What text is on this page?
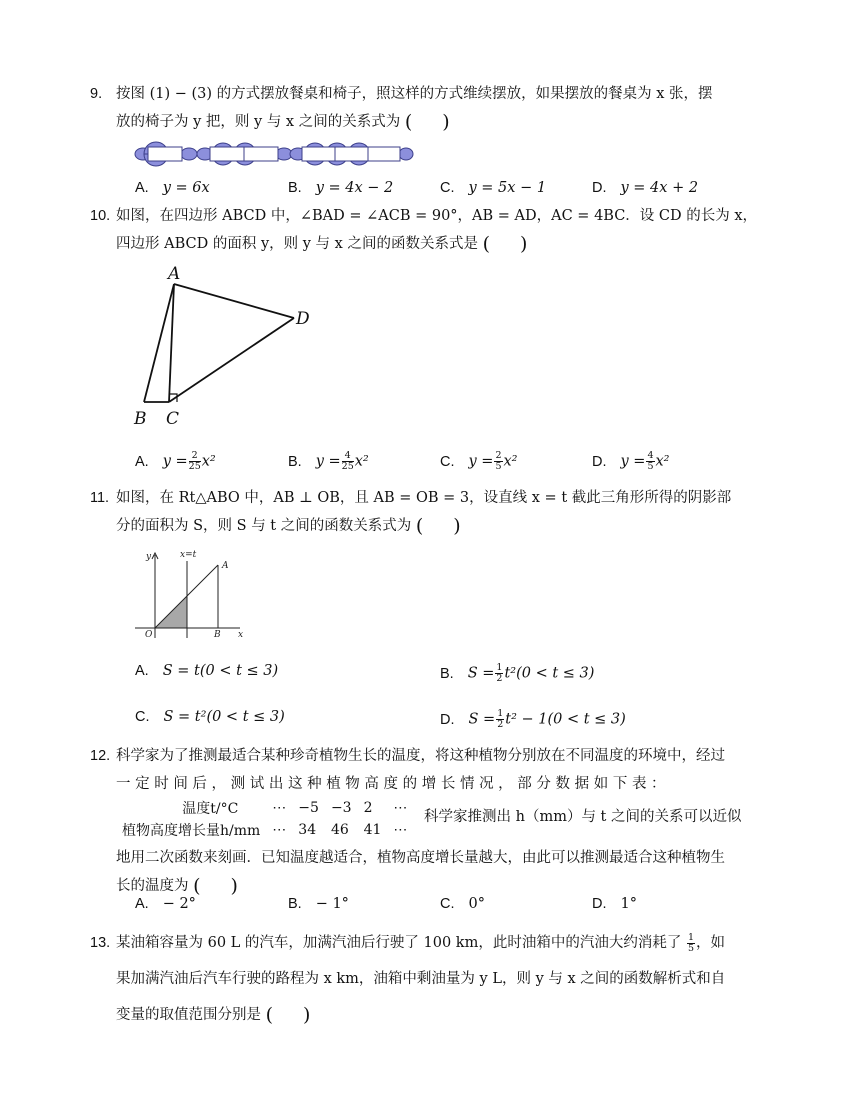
9. 按图 (1) − (3) 的方式摆放餐桌和椅子，照这样的方式维续摆放，如果摆放的餐桌为 x 张，摆
放的椅子为 y 把，则 y 与 x 之间的关系式为 ( )
A. y = 6x	B. y = 4x − 2	C. y = 5x − 1	D. y = 4x + 2
10. 如图，在四边形 ABCD 中，∠BAD = ∠ACB = 90°，AB = AD，AC = 4BC．设 CD 的长为 x，
四边形 ABCD 的面积 y，则 y 与 x 之间的函数关系式是 ( )
A
B C
D
A. $y = \frac{2}{25} x^2$	B. $y = \frac{4}{25} x^2$	C. $y = \frac{2}{5} x^2$	D. $y = \frac{4}{5} x^2$
11. 如图，在 Rt△ABO 中，AB ⊥ OB，且 AB = OB = 3，设直线 x = t 截此三角形所得的阴影部
分的面积为 S，则 S 与 t 之间的函数关系式为 ( )
y	x=t
A
O	B x
A. S = t(0 < t ≤ 3)	B. $S = \frac{1}{2} t^2(0 < t \le 3)$
C. S = t²(0 < t ≤ 3)	D. $S = \frac{1}{2} t^2 - 1(0 < t \le 3)$
12. 科学家为了推测最适合某种珍奇植物生长的温度，将这种植物分别放在不同温度的环境中，经过
一 定 时 间 后 ， 测 试 出 这 种 植 物 高 度 的 增 长 情 况 ， 部 分 数 据 如 下 表 ：
温度t/°C	⋯	−5	−3	2	⋯
植物高度增长量h/mm	⋯	34	46	41	⋯
科学家推测出 h（mm）与 t 之间的关系可以近似
地用二次函数来刻画．已知温度越适合，植物高度增长量越大，由此可以推测最适合这种植物生
长的温度为 ( )
A. − 2°	B. − 1°	C. 0°	D. 1°
13. 某油箱容量为 60 L 的汽车，加满汽油后行驶了 100 km，此时油箱中的汽油大约消耗了 $\frac{1}{5}$ ，如
果加满汽油后汽车行驶的路程为 x km，油箱中剩油量为 y L，则 y 与 x 之间的函数解析式和自
变量的取值范围分别是 ( )
